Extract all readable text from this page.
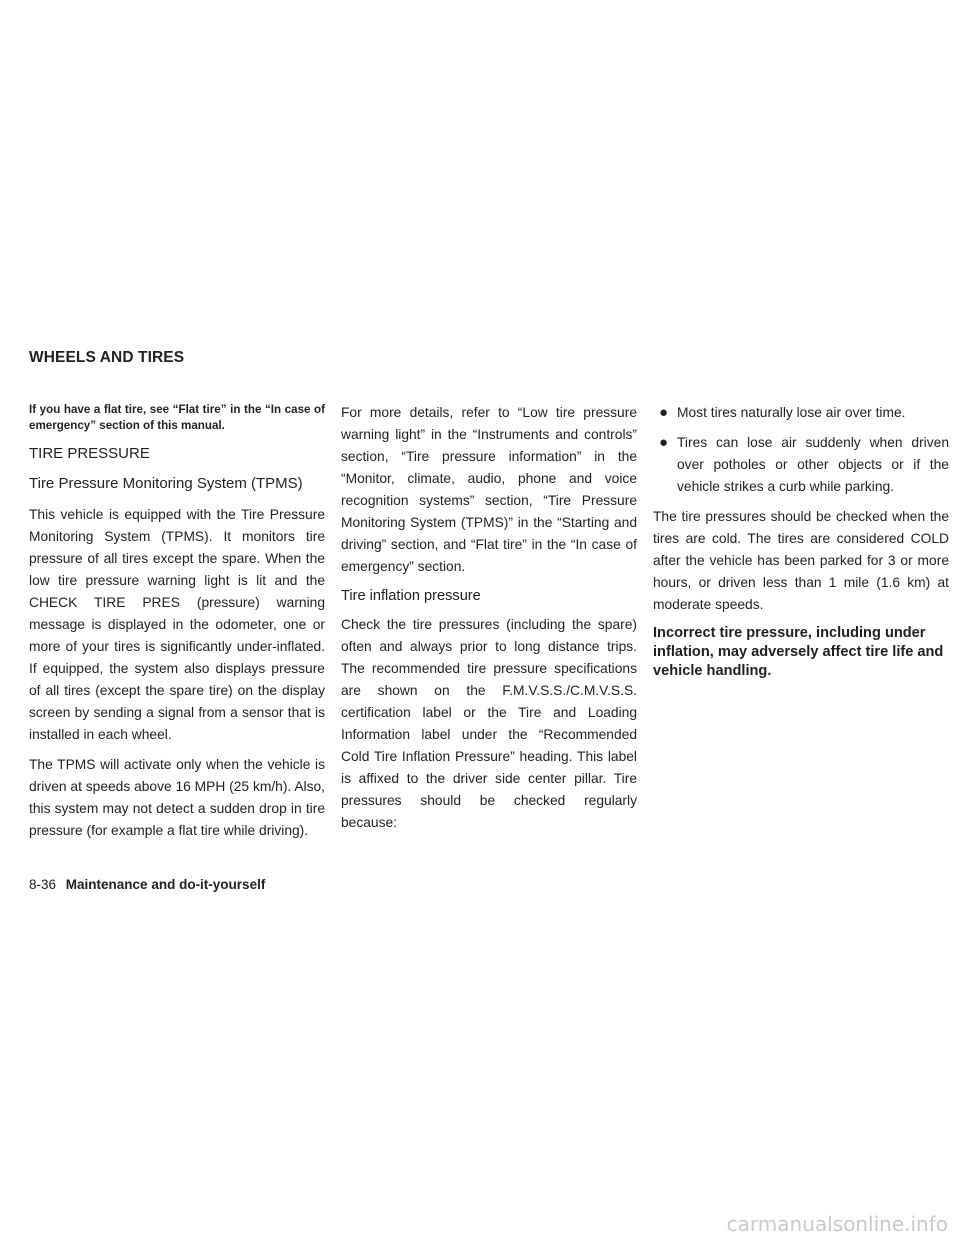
WHEELS AND TIRES

If you have a flat tire, see “Flat tire” in the “In case of emergency” section of this manual.

TIRE PRESSURE
Tire Pressure Monitoring System (TPMS)

This vehicle is equipped with the Tire Pressure Monitoring System (TPMS). It monitors tire pressure of all tires except the spare. When the low tire pressure warning light is lit and the CHECK TIRE PRES (pressure) warning message is displayed in the odometer, one or more of your tires is significantly under-inflated. If equipped, the system also displays pressure of all tires (except the spare tire) on the display screen by sending a signal from a sensor that is installed in each wheel.

The TPMS will activate only when the vehicle is driven at speeds above 16 MPH (25 km/h). Also, this system may not detect a sudden drop in tire pressure (for example a flat tire while driving).

For more details, refer to “Low tire pressure warning light” in the “Instruments and controls” section, “Tire pressure information” in the “Monitor, climate, audio, phone and voice recognition systems” section, “Tire Pressure Monitoring System (TPMS)” in the “Starting and driving” section, and “Flat tire” in the “In case of emergency” section.

Tire inflation pressure

Check the tire pressures (including the spare) often and always prior to long distance trips. The recommended tire pressure specifications are shown on the F.M.V.S.S./C.M.V.S.S. certification label or the Tire and Loading Information label under the “Recommended Cold Tire Inflation Pressure” heading. This label is affixed to the driver side center pillar. Tire pressures should be checked regularly because:

● Most tires naturally lose air over time.
● Tires can lose air suddenly when driven over potholes or other objects or if the vehicle strikes a curb while parking.

The tire pressures should be checked when the tires are cold. The tires are considered COLD after the vehicle has been parked for 3 or more hours, or driven less than 1 mile (1.6 km) at moderate speeds.

Incorrect tire pressure, including under inflation, may adversely affect tire life and vehicle handling.

8-36 Maintenance and do-it-yourself
carmanualsonline.info
